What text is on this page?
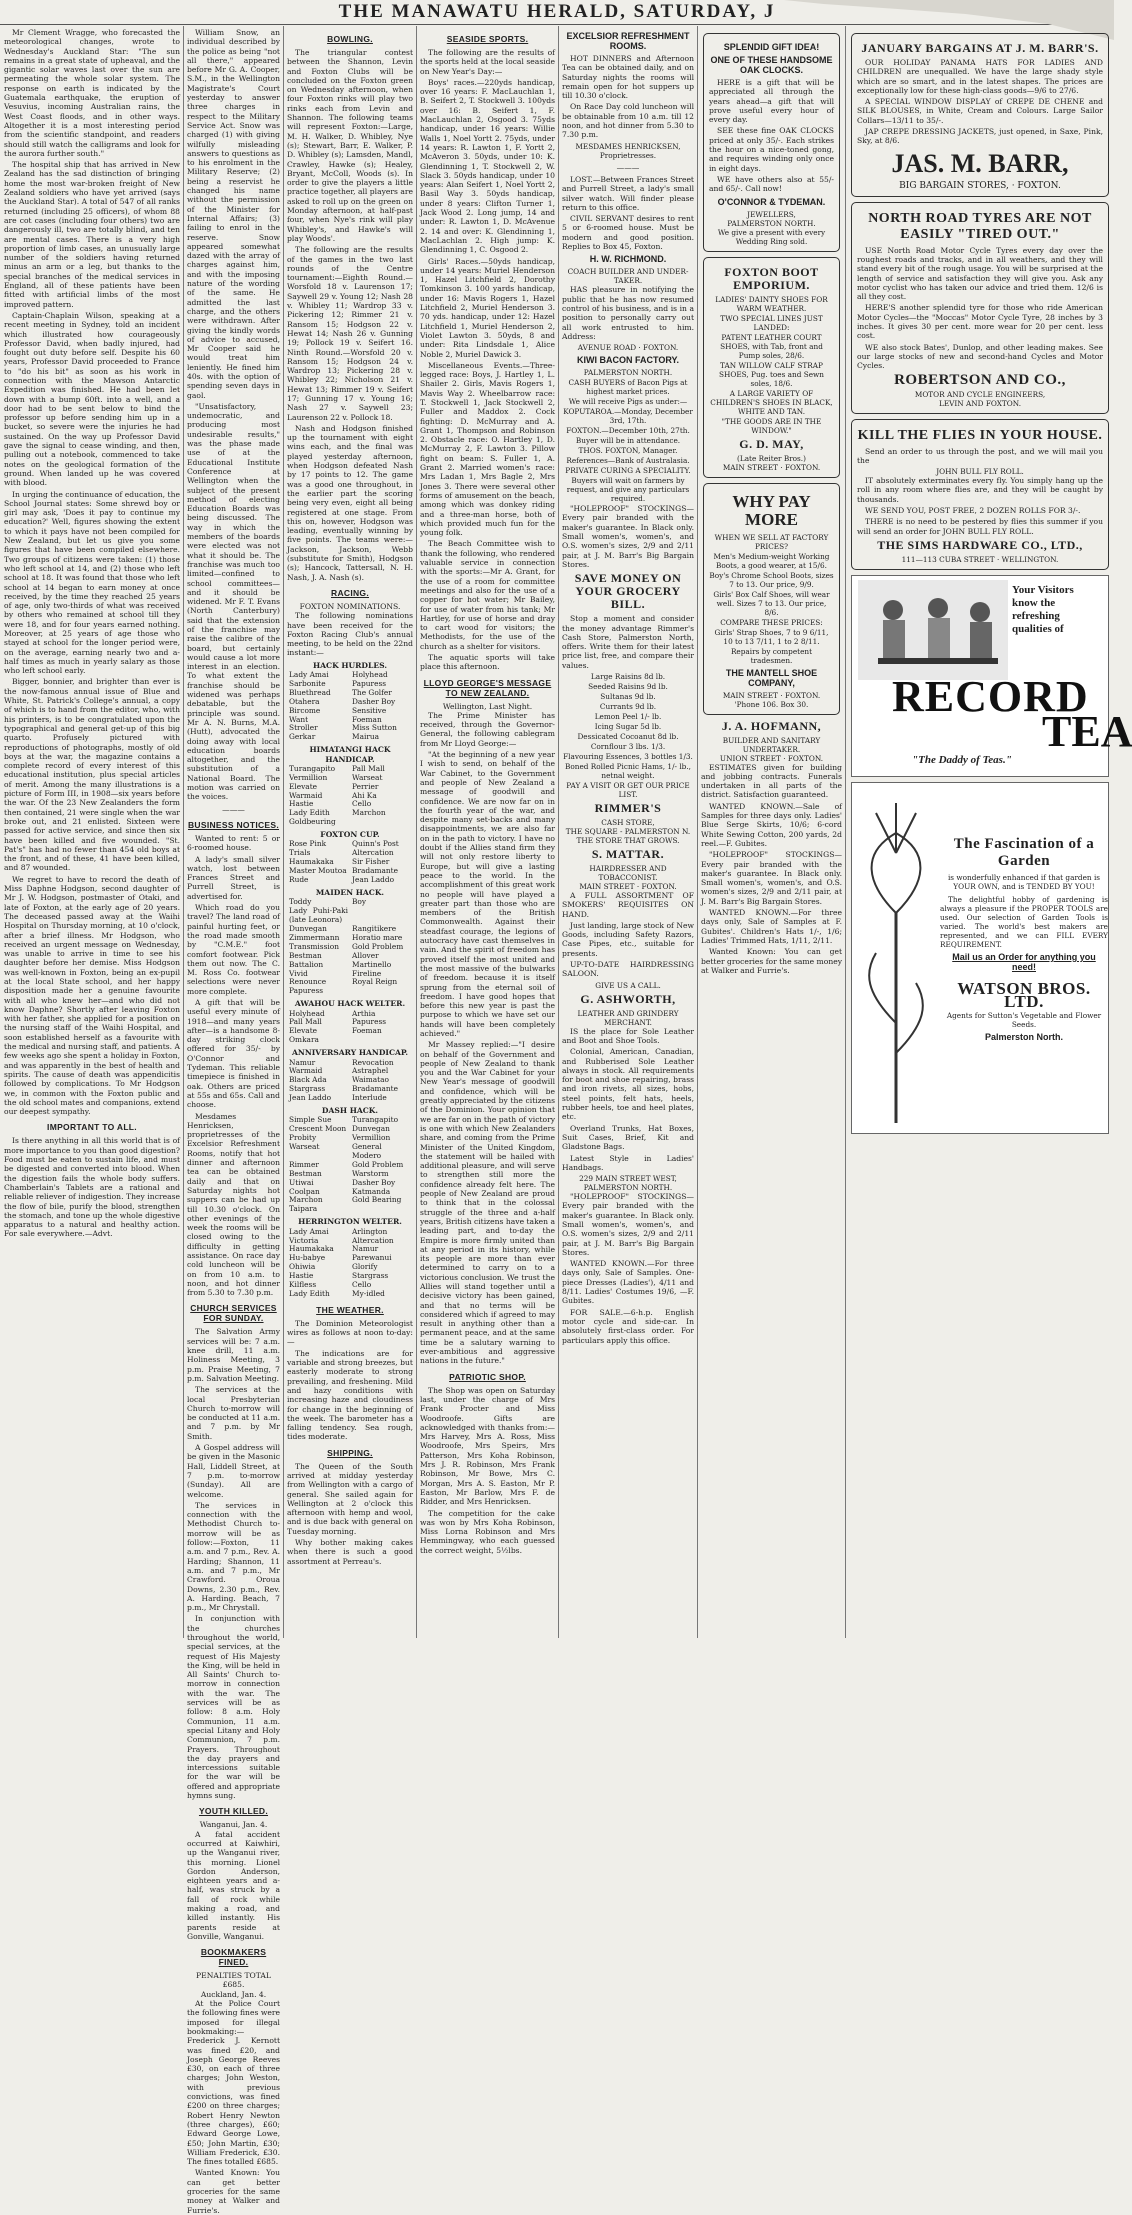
THE MANAWATU HERALD, SATURDAY, J

Mr Clement Wragge, who forecasted the meteorological changes, wrote to Wednesday's Auckland Star: "The sun remains in a great state of upheaval, and the gigantic solar waves last over the sun are permeating the whole solar system. The response on earth is indicated by the Guatemala earthquake, the eruption of Vesuvius, incoming Australian rains, the West Coast floods, and in other ways. Altogether it is a most interesting period from the scientific standpoint, and readers should still watch the calligrams and look for the aurora further south."

The hospital ship that has arrived in New Zealand has the sad distinction of bringing home the most war-broken freight of New Zealand soldiers who have yet arrived (says the Auckland Star). A total of 547 of all ranks returned (including 25 officers), of whom 88 are cot cases (including four others) two are dangerously ill, two are totally blind, and ten are mental cases. There is a very high proportion of limb cases, an unusually large number of the soldiers having returned minus an arm or a leg, but thanks to the special branches of the medical services in England, all of these patients have been fitted with artificial limbs of the most improved pattern.

Captain-Chaplain Wilson, speaking at a recent meeting in Sydney, told an incident which illustrated how courageously Professor David, when badly injured, had fought out duty before self. Despite his 60 years, Professor David proceeded to France to "do his bit" as soon as his work in connection with the Mawson Antarctic Expedition was finished. He had been let down with a bump 60ft. into a well, and a door had to be sent below to bind the professor up before sending him up in a bucket, so severe were the injuries he had sustained. On the way up Professor David gave the signal to cease winding, and then, pulling out a notebook, commenced to take notes on the geological formation of the ground. When landed up he was covered with blood.

In urging the continuance of education, the School Journal states: Some shrewd boy or girl may ask, 'Does it pay to continue my education?' Well, figures showing the extent to which it pays have not been compiled for New Zealand, but let us give you some figures that have been compiled elsewhere. Two groups of citizens were taken: (1) those who left school at 14, and (2) those who left school at 18. It was found that those who left school at 14 began to earn money at once received, by the time they reached 25 years of age, only two-thirds of what was received by others who remained at school till they were 18, and for four years earned nothing. Moreover, at 25 years of age those who stayed at school for the longer period were, on the average, earning nearly two and a-half times as much in yearly salary as those who left school early.

Bigger, bonnier, and brighter than ever is the now-famous annual issue of Blue and White, St. Patrick's College's annual, a copy of which is to hand from the editor, who, with his printers, is to be congratulated upon the typographical and general get-up of this big quarto. Profusely pictured with reproductions of photographs, mostly of old boys at the war, the magazine contains a complete record of every interest of this educational institution, plus special articles of merit. Among the many illustrations is a picture of Form III, in 1908—six years before the war. Of the 23 New Zealanders the form then contained, 21 were single when the war broke out, and 21 enlisted. Sixteen were passed for active service, and since then six have been killed and five wounded. "St. Pat's" has had no fewer than 454 old boys at the front, and of these, 41 have been killed, and 87 wounded.

We regret to have to record the death of Miss Daphne Hodgson, second daughter of Mr J. W. Hodgson, postmaster of Otaki, and late of Foxton, at the early age of 20 years. The deceased passed away at the Waihi Hospital on Thursday morning, at 10 o'clock, after a brief illness. Mr Hodgson, who received an urgent message on Wednesday, was unable to arrive in time to see his daughter before her demise. Miss Hodgson was well-known in Foxton, being an ex-pupil at the local State school, and her happy disposition made her a genuine favourite with all who knew her—and who did not know Daphne? Shortly after leaving Foxton with her father, she applied for a position on the nursing staff of the Waihi Hospital, and soon established herself as a favourite with the medical and nursing staff, and patients. A few weeks ago she spent a holiday in Foxton, and was apparently in the best of health and spirits. The cause of death was appendicitis followed by complications. To Mr Hodgson we, in common with the Foxton public and the old school mates and companions, extend our deepest sympathy.

IMPORTANT TO ALL.

Is there anything in all this world that is of more importance to you than good digestion? Food must be eaten to sustain life, and must be digested and converted into blood. When the digestion fails the whole body suffers. Chamberlain's Tablets are a rational and reliable reliever of indigestion. They increase the flow of bile, purify the blood, strengthen the stomach, and tone up the whole digestive apparatus to a natural and healthy action. For sale everywhere.—Advt.

William Snow, an individual described by the police as being "not all there," appeared before Mr G. A. Cooper, S.M., in the Wellington Magistrate's Court yesterday to answer three charges in respect to the Military Service Act. Snow was charged (1) with giving wilfully misleading answers to questions as to his enrolment in the Military Reserve; (2) being a reservist he changed his name without the permission of the Minister for Internal Affairs; (3) failing to enrol in the reserve. Snow appeared somewhat dazed with the array of charges against him, and with the imposing nature of the wording of the same. He admitted the last charge, and the others were withdrawn. After giving the kindly words of advice to accused, Mr Cooper said he would treat him leniently. He fined him 40s. with the option of spending seven days in gaol.

"Unsatisfactory, undemocratic, and producing most undesirable results," was the phase made use of at the Educational Institute Conference at Wellington when the subject of the present method of electing Education Boards was being discussed. The way in which the members of the boards were elected was not what it should be. The franchise was much too limited—confined to school committees—and it should be widened. Mr F. T. Evans (North Canterbury) said that the extension of the franchise may raise the calibre of the board, but certainly would cause a lot more interest in an election. To what extent the franchise should be widened was perhaps debatable, but the principle was sound. Mr A. N. Burns, M.A. (Hutt), advocated the doing away with local education boards altogether, and the substitution of a National Board. The motion was carried on the voices.

———
BUSINESS NOTICES.

Wanted to rent: 5 or 6-roomed house.

A lady's small silver watch, lost between Frances Street and Purrell Street, is advertised for.

Which road do you travel? The land road of painful hurting feet, or the road made smooth by "C.M.E." foot comfort footwear. Pick them out now. The C. M. Ross Co. footwear selections were never more complete.

A gift that will be useful every minute of 1918—and many years after—is a handsome 8-day striking clock offered for 35/- by O'Connor and Tydeman. This reliable timepiece is finished in oak. Others are priced at 55s and 65s. Call and choose.

Mesdames Henricksen, proprietresses of the Excelsior Refreshment Rooms, notify that hot dinner and afternoon tea can be obtained daily and that on Saturday nights hot suppers can be had up till 10.30 o'clock. On other evenings of the week the rooms will be closed owing to the difficulty in getting assistance. On race day cold luncheon will be on from 10 a.m. to noon, and hot dinner from 5.30 to 7.30 p.m.

CHURCH SERVICES FOR SUNDAY.

The Salvation Army services will be: 7 a.m. knee drill, 11 a.m. Holiness Meeting, 3 p.m. Praise Meeting, 7 p.m. Salvation Meeting.

The services at the local Presbyterian Church to-morrow will be conducted at 11 a.m. and 7 p.m. by Mr Smith.

A Gospel address will be given in the Masonic Hall, Liddell Street, at 7 p.m. to-morrow (Sunday). All are welcome.

The services in connection with the Methodist Church to-morrow will be as follow:—Foxton, 11 a.m. and 7 p.m., Rev. A. Harding; Shannon, 11 a.m. and 7 p.m., Mr Crawford. Oroua Downs, 2.30 p.m., Rev. A. Harding. Beach, 7 p.m., Mr Chrystall.

In conjunction with the churches throughout the world, special services, at the request of His Majesty the King, will be held in All Saints' Church to-morrow in connection with the war. The services will be as follow: 8 a.m. Holy Communion, 11 a.m. special Litany and Holy Communion, 7 p.m. Prayers. Throughout the day prayers and intercessions suitable for the war will be offered and appropriate hymns sung.

YOUTH KILLED.
Wanganui, Jan. 4.

A fatal accident occurred at Kaiwhiri, up the Wanganui river, this morning. Lionel Gordon Anderson, eighteen years and a-half, was struck by a fall of rock while making a road, and killed instantly. His parents reside at Gonville, Wanganui.

BOOKMAKERS FINED.
PENALTIES TOTAL £685.
Auckland, Jan. 4.

At the Police Court the following fines were imposed for illegal bookmaking:—Frederick J. Kernott was fined £20, and Joseph George Reeves £30, on each of three charges; John Weston, with previous convictions, was fined £200 on three charges; Robert Henry Newton (three charges), £60; Edward George Lowe, £50; John Martin, £30; William Frederick, £30. The fines totalled £685.

Wanted Known: You can get better groceries for the same money at Walker and Furrie's.

BOWLING.

The triangular contest between the Shannon, Levin and Foxton Clubs will be concluded on the Foxton green on Wednesday afternoon, when four Foxton rinks will play two rinks each from Levin and Shannon. The following teams will represent Foxton:—Large, M. H. Walker, D. Whibley, Nye (s); Stewart, Barr, E. Walker, P. D. Whibley (s); Lamsden, Mandl, Crawley, Hawke (s); Healey, Bryant, McColl, Woods (s). In order to give the players a little practice together, all players are asked to roll up on the green on Monday afternoon, at half-past four, when Nye's rink will play Whibley's, and Hawke's will play Woods'.

The following are the results of the games in the two last rounds of the Centre tournament:—Eighth Round.—Worsfold 18 v. Laurenson 17; Saywell 29 v. Young 12; Nash 28 v. Whibley 11; Wardrop 33 v. Pickering 12; Rimmer 21 v. Ransom 15; Hodgson 22 v. Hewat 14; Nash 26 v. Gunning 19; Pollock 19 v. Seifert 16. Ninth Round.—Worsfold 20 v. Ransom 15; Hodgson 24 v. Wardrop 13; Pickering 28 v. Whibley 22; Nicholson 21 v. Hewat 13; Rimmer 19 v. Seifert 17; Gunning 17 v. Young 16; Nash 27 v. Saywell 23; Laurenson 22 v. Pollock 18.

Nash and Hodgson finished up the tournament with eight wins each, and the final was played yesterday afternoon, when Hodgson defeated Nash by 17 points to 12. The game was a good one throughout, in the earlier part the scoring being very even, eight all being registered at one stage. From this on, however, Hodgson was leading, eventually winning by five points. The teams were:—Jackson, Jackson, Webb (substitute for Smith), Hodgson (s); Hancock, Tattersall, N. H. Nash, J. A. Nash (s).

RACING.
FOXTON NOMINATIONS.

The following nominations have been received for the Foxton Racing Club's annual meeting, to be held on the 22nd instant:—

HACK HURDLES.
Lady Amai	Holyhead
Sarbonite	Papuress
Bluethread	The Golfer
Otahera	Dasher Boy
Bircome	Sensitive
Want	Foeman
Stroller	Miss Sutton
Gerkar	Mairua
HIMATANGI HACK HANDICAP.
Turangapito	Pall Mall
Vermillion	Warseat
Elevate	Perrier
Warmaid	Ahi Ka
Hastie	Cello
Lady Edith	Marchon
Goldbeuring
FOXTON CUP.
Rose Pink	Quinn's Post
Trials	Altercation
Haumakaka	Sir Fisher
Master Moutoa Bradamante
Rude	Jean Laddo
MAIDEN HACK.
Toddy	Boy
Lady Puhi-Paki (late Leonora)
Dunvegan	Rangitikere
Zimmermann	Horatio mare
Transmission	Gold Problem
Bestman	Allover
Battalion	Martinello
Vivid	Fireline
Renounce	Royal Reign
Papuress
AWAHOU HACK WELTER.
Holyhead	Arthia
Pall Mall	Papuress
Elevate	Foeman
Omkara
ANNIVERSARY HANDICAP.
Namur	Revocation
Warmaid	Astraphel
Black Ada	Waimatao
Stargrass	Bradamante
Jean Laddo	Interlude
DASH HACK.
Simple Sue	Turangapito
Crescent Moon Dunvegan
Probity	Vermillion
Warseat	General Modero
Rimmer	Gold Problem
Bestman	Warstorm
Utiwai	Dasher Boy
Coolpan	Katmanda
Marchon	Gold Bearing
Taipara
HERRINGTON WELTER.
Lady Amai	Arlington
Victoria	Altercation
Haumakaka	Namur
Hu-babye	Parewanui
Ohiwia	Glorify
Hastie	Stargrass
Kilfless	Cello
Lady Edith	My-idled
THE WEATHER.

The Dominion Meteorologist wires as follows at noon to-day:—

The indications are for variable and strong breezes, but easterly moderate to strong prevailing, and freshening. Mild and hazy conditions with increasing haze and cloudiness for change in the beginning of the week. The barometer has a falling tendency. Sea rough, tides moderate.

SHIPPING.

The Queen of the South arrived at midday yesterday from Wellington with a cargo of general. She sailed again for Wellington at 2 o'clock this afternoon with hemp and wool, and is due back with general on Tuesday morning.

Why bother making cakes when there is such a good assortment at Perreau's.

SEASIDE SPORTS.

The following are the results of the sports held at the local seaside on New Year's Day:—

Boys' races.—220yds handicap, over 16 years: F. MacLauchlan 1, B. Seifert 2, T. Stockwell 3. 100yds over 16: B. Seifert 1, F. MacLauchlan 2, Osgood 3. 75yds handicap, under 16 years: Willie Walls 1, Noel Yortt 2. 75yds, under 14 years: R. Lawton 1, F. Yortt 2, McAveron 3. 50yds, under 10: K. Glendinning 1, T. Stockwell 2, W. Slack 3. 50yds handicap, under 10 years: Alan Seifert 1, Noel Yortt 2, Basil Way 3. 50yds handicap, under 8 years: Clifton Turner 1, Jack Wood 2. Long jump, 14 and under: R. Lawton 1, D. McAvenue 2. 14 and over: K. Glendinning 1, MacLachlan 2. High jump: K. Glendinning 1, C. Osgood 2.

Girls' Races.—50yds handicap, under 14 years: Muriel Henderson 1, Hazel Litchfield 2, Dorothy Tomkinson 3. 100 yards handicap, under 16: Mavis Rogers 1, Hazel Litchfield 2, Muriel Henderson 3. 70 yds. handicap, under 12: Hazel Litchfield 1, Muriel Henderson 2, Violet Lawton 3. 50yds, 8 and under: Rita Lindsdale 1, Alice Noble 2, Muriel Dawick 3.

Miscellaneous Events.—Three-legged race: Boys, J. Hartley 1, L. Shailer 2. Girls, Mavis Rogers 1, Mavis Way 2. Wheelbarrow race: T. Stockwell 1, Jack Stockwell 2, Fuller and Maddox 2. Cock fighting: D. McMurray and A. Grant 1, Thompson and Robinson 2. Obstacle race: O. Hartley 1, D. McMurray 2, F. Lawton 3. Pillow fight on beam: S. Fuller 1, A. Grant 2. Married women's race: Mrs Ladan 1, Mrs Bagle 2, Mrs Jones 3. There were several other forms of amusement on the beach, among which was donkey riding and a three-man horse, both of which provided much fun for the young folk.

The Beach Committee wish to thank the following, who rendered valuable service in connection with the sports:—Mr A. Grant, for the use of a room for committee meetings and also for the use of a copper for hot water; Mr Bailey, for use of water from his tank; Mr Hartley, for use of horse and dray to cart wood for visitors; the Methodists, for the use of the church as a shelter for visitors.

The aquatic sports will take place this afternoon.

LLOYD GEORGE'S MESSAGE TO NEW ZEALAND.
Wellington, Last Night.

The Prime Minister has received, through the Governor-General, the following cablegram from Mr Lloyd George:—

"At the beginning of a new year I wish to send, on behalf of the War Cabinet, to the Government and people of New Zealand a message of goodwill and confidence. We are now far on in the fourth year of the war, and despite many set-backs and many disappointments, we are also far on in the path to victory. I have no doubt if the Allies stand firm they will not only restore liberty to Europe, but will give a lasting peace to the world. In the accomplishment of this great work no people will have played a greater part than those who are members of the British Commonwealth. Against their steadfast courage, the legions of autocracy have cast themselves in vain. And the spirit of freedom has proved itself the most united and the most massive of the bulwarks of freedom. because it is itself sprung from the eternal soil of freedom. I have good hopes that before this new year is past the purpose to which we have set our hands will have been completely achieved."

Mr Massey replied:—"I desire on behalf of the Government and people of New Zealand to thank you and the War Cabinet for your New Year's message of goodwill and confidence, which will be greatly appreciated by the citizens of the Dominion. Your opinion that we are far on in the path of victory is one with which New Zealanders share, and coming from the Prime Minister of the United Kingdom, the statement will be hailed with additional pleasure, and will serve to strengthen still more the confidence already felt here. The people of New Zealand are proud to think that in the colossal struggle of the three and a-half years, British citizens have taken a leading part, and to-day the Empire is more firmly united than at any period in its history, while its people are more than ever determined to carry on to a victorious conclusion. We trust the Allies will stand together until a decisive victory has been gained, and that no terms will be considered which if agreed to may result in anything other than a permanent peace, and at the same time be a salutary warning to ever-ambitious and aggressive nations in the future."

PATRIOTIC SHOP.

The Shop was open on Saturday last, under the charge of Mrs Frank Procter and Miss Woodroofe. Gifts are acknowledged with thanks from:—Mrs Harvey, Mrs A. Ross, Miss Woodroofe, Mrs Speirs, Mrs Patterson, Mrs Koha Robinson, Mrs J. R. Robinson, Mrs Frank Robinson, Mr Bowe, Mrs C. Morgan, Mrs A. S. Easton, Mr P. Easton, Mr Barlow, Mrs F. de Ridder, and Mrs Henricksen.

The competition for the cake was won by Mrs Koha Robinson, Miss Lorna Robinson and Mrs Hemmingway, who each guessed the correct weight, 5½lbs.

EXCELSIOR REFRESHMENT ROOMS.

HOT DINNERS and Afternoon Tea can be obtained daily, and on Saturday nights the rooms will remain open for hot suppers up till 10.30 o'clock.

On Race Day cold luncheon will be obtainable from 10 a.m. till 12 noon, and hot dinner from 5.30 to 7.30 p.m.

MESDAMES HENRICKSEN, Proprietresses.
———

LOST.—Between Frances Street and Purrell Street, a lady's small silver watch. Will finder please return to this office.

CIVIL SERVANT desires to rent 5 or 6-roomed house. Must be modern and good position. Replies to Box 45, Foxton.

H. W. RICHMOND.
COACH BUILDER AND UNDER-TAKER.

HAS pleasure in notifying the public that he has now resumed control of his business, and is in a position to personally carry out all work entrusted to him. Address:

AVENUE ROAD · FOXTON.
KIWI BACON FACTORY.
PALMERSTON NORTH.
CASH BUYERS of Bacon Pigs at highest market prices.
We will receive Pigs as under:—
KOPUTAROA.—Monday, December 3rd, 17th.
FOXTON.—December 10th, 27th.
Buyer will be in attendance.
THOS. FOXTON, Manager.
References—Bank of Australasia.
PRIVATE CURING A SPECIALITY.
Buyers will wait on farmers by request, and give any particulars required.

"HOLEPROOF" STOCKINGS—Every pair branded with the maker's guarantee. In Black only. Small women's, women's, and O.S. women's sizes, 2/9 and 2/11 pair, at J. M. Barr's Big Bargain Stores.

SAVE MONEY ON YOUR GROCERY BILL.

Stop a moment and consider the money advantage Rimmer's Cash Store, Palmerston North, offers. Write them for their latest price list, free, and compare their values.

Large Raisins 8d lb.
Seeded Raisins 9d lb.
Sultanas 9d lb.
Currants 9d lb.
Lemon Peel 1/- lb.
Icing Sugar 5d lb.
Dessicated Cocoanut 8d lb.
Cornflour 3 lbs. 1/3.
Flavouring Essences, 3 bottles 1/3.
Boned Rolled Picnic Hams, 1/- lb., netnal weight.
PAY A VISIT OR GET OUR PRICE LIST.
RIMMER'S
CASH STORE,
THE SQUARE - PALMERSTON N.
THE STORE THAT GROWS.
S. MATTAR.
HAIRDRESSER AND TOBACCONIST.
MAIN STREET · FOXTON.

A FULL ASSORTMENT OF SMOKERS' REQUISITES ON HAND.

Just landing, large stock of New Goods, including Safety Razors, Case Pipes, etc., suitable for presents.

UP-TO-DATE HAIRDRESSING SALOON.

GIVE US A CALL.
G. ASHWORTH,
LEATHER AND GRINDERY MERCHANT.

IS the place for Sole Leather and Boot and Shoe Tools.

Colonial, American, Canadian, and Rubberised Sole Leather always in stock. All requirements for boot and shoe repairing, brass and iron rivets, all sizes, hobs, steel points, felt hats, heels, rubber heels, toe and heel plates, etc.

Overland Trunks, Hat Boxes, Suit Cases, Brief, Kit and Gladstone Bags.

Latest Style in Ladies' Handbags.

229 MAIN STREET WEST, PALMERSTON NORTH.

"HOLEPROOF" STOCKINGS—Every pair branded with the maker's guarantee. In Black only. Small women's, women's, and O.S. women's sizes, 2/9 and 2/11 pair, at J. M. Barr's Big Bargain Stores.

WANTED KNOWN.—For three days only, Sale of Samples. One-piece Dresses (Ladies'), 4/11 and 8/11. Ladies' Costumes 19/6, —F. Gubites.

FOR SALE.—6-h.p. English motor cycle and side-car. In absolutely first-class order. For particulars apply this office.

SPLENDID GIFT IDEA!
ONE OF THESE HANDSOME OAK CLOCKS.

HERE is a gift that will be appreciated all through the years ahead—a gift that will prove useful every hour of every day.

SEE these fine OAK CLOCKS priced at only 35/-. Each strikes the hour on a nice-toned gong, and requires winding only once in eight days.

WE have others also at 55/- and 65/-. Call now!

O'CONNOR & TYDEMAN.
JEWELLERS,
PALMERSTON NORTH.
We give a present with every Wedding Ring sold.
FOXTON BOOT EMPORIUM.
LADIES' DAINTY SHOES FOR WARM WEATHER.
TWO SPECIAL LINES JUST LANDED:
PATENT LEATHER COURT SHOES, with Tab, front and Pump soles, 28/6.
TAN WILLOW CALF STRAP SHOES, Pug. toes and Sewn soles, 18/6.
A LARGE VARIETY OF CHILDREN'S SHOES IN BLACK, WHITE AND TAN.
"THE GOODS ARE IN THE WINDOW."
G. D. MAY,
(Late Reiter Bros.)
MAIN STREET · FOXTON.
WHY PAY MORE
WHEN WE SELL AT FACTORY PRICES?
Men's Medium-weight Working Boots, a good wearer, at 15/6.
Boy's Chrome School Boots, sizes 7 to 13. Our price, 9/9.
Girls' Box Calf Shoes, will wear well. Sizes 7 to 13. Our price, 8/6.
COMPARE THESE PRICES:
Girls' Strap Shoes, 7 to 9 6/11, 10 to 13 7/11, 1 to 2 8/11.
Repairs by competent tradesmen.
THE MANTELL SHOE COMPANY,
MAIN STREET · FOXTON.
'Phone 106. Box 30.
J. A. HOFMANN,
BUILDER AND SANITARY UNDERTAKER.
UNION STREET · FOXTON.

ESTIMATES given for building and jobbing contracts. Funerals undertaken in all parts of the district. Satisfaction guaranteed.

WANTED KNOWN.—Sale of Samples for three days only. Ladies' Blue Serge Skirts, 10/6; 6-cord White Sewing Cotton, 200 yards, 2d reel.—F. Gubites.

"HOLEPROOF" STOCKINGS—Every pair branded with the maker's guarantee. In Black only. Small women's, women's, and O.S. women's sizes, 2/9 and 2/11 pair, at J. M. Barr's Big Bargain Stores.

WANTED KNOWN.—For three days only, Sale of Samples at F. Gubites'. Children's Hats 1/-, 1/6; Ladies' Trimmed Hats, 1/11, 2/11.

Wanted Known: You can get better groceries for the same money at Walker and Furrie's.

JANUARY BARGAINS AT J. M. BARR'S.

OUR HOLIDAY PANAMA HATS FOR LADIES AND CHILDREN are unequalled. We have the large shady style which are so smart, and in the latest shapes. The prices are exceptionally low for these high-class goods—9/6 to 27/6.

A SPECIAL WINDOW DISPLAY of CREPE DE CHENE and SILK BLOUSES, in White, Cream and Colours. Large Sailor Collars—13/11 to 35/-.

JAP CREPE DRESSING JACKETS, just opened, in Saxe, Pink, Sky, at 8/6.

JAS. M. BARR,
BIG BARGAIN STORES, · FOXTON.
NORTH ROAD TYRES ARE NOT EASILY "TIRED OUT."

USE North Road Motor Cycle Tyres every day over the roughest roads and tracks, and in all weathers, and they will stand every bit of the rough usage. You will be surprised at the length of service and satisfaction they will give you. Ask any motor cyclist who has taken our advice and tried them. 12/6 is all they cost.

HERE'S another splendid tyre for those who ride American Motor Cycles—the "Moccas" Motor Cycle Tyre, 28 inches by 3 inches. It gives 30 per cent. more wear for 20 per cent. less cost.

WE also stock Bates', Dunlop, and other leading makes. See our large stocks of new and second-hand Cycles and Motor Cycles.

ROBERTSON AND CO.,
MOTOR AND CYCLE ENGINEERS,
LEVIN AND FOXTON.
KILL THE FLIES IN YOUR HOUSE.

Send an order to us through the post, and we will mail you the

JOHN BULL FLY ROLL.

IT absolutely exterminates every fly. You simply hang up the roll in any room where flies are, and they will be caught by thousands.

WE SEND YOU, POST FREE, 2 DOZEN ROLLS FOR 3/-.

THERE is no need to be pestered by flies this summer if you will send an order for JOHN BULL FLY ROLL.

THE SIMS HARDWARE CO., LTD.,
111—113 CUBA STREET · WELLINGTON.
Your Visitors know the refreshing qualities of
RECORD
TEA
"The Daddy of Teas."
The Fascination of a Garden
is wonderfully enhanced if that garden is YOUR OWN, and is TENDED BY YOU!

The delightful hobby of gardening is always a pleasure if the PROPER TOOLS are used. Our selection of Garden Tools is varied. The world's best makers are represented, and we can FILL EVERY REQUIREMENT.

Mail us an Order for anything you need!
WATSON BROS. LTD.
Agents for Sutton's Vegetable and Flower Seeds.
Palmerston North.
